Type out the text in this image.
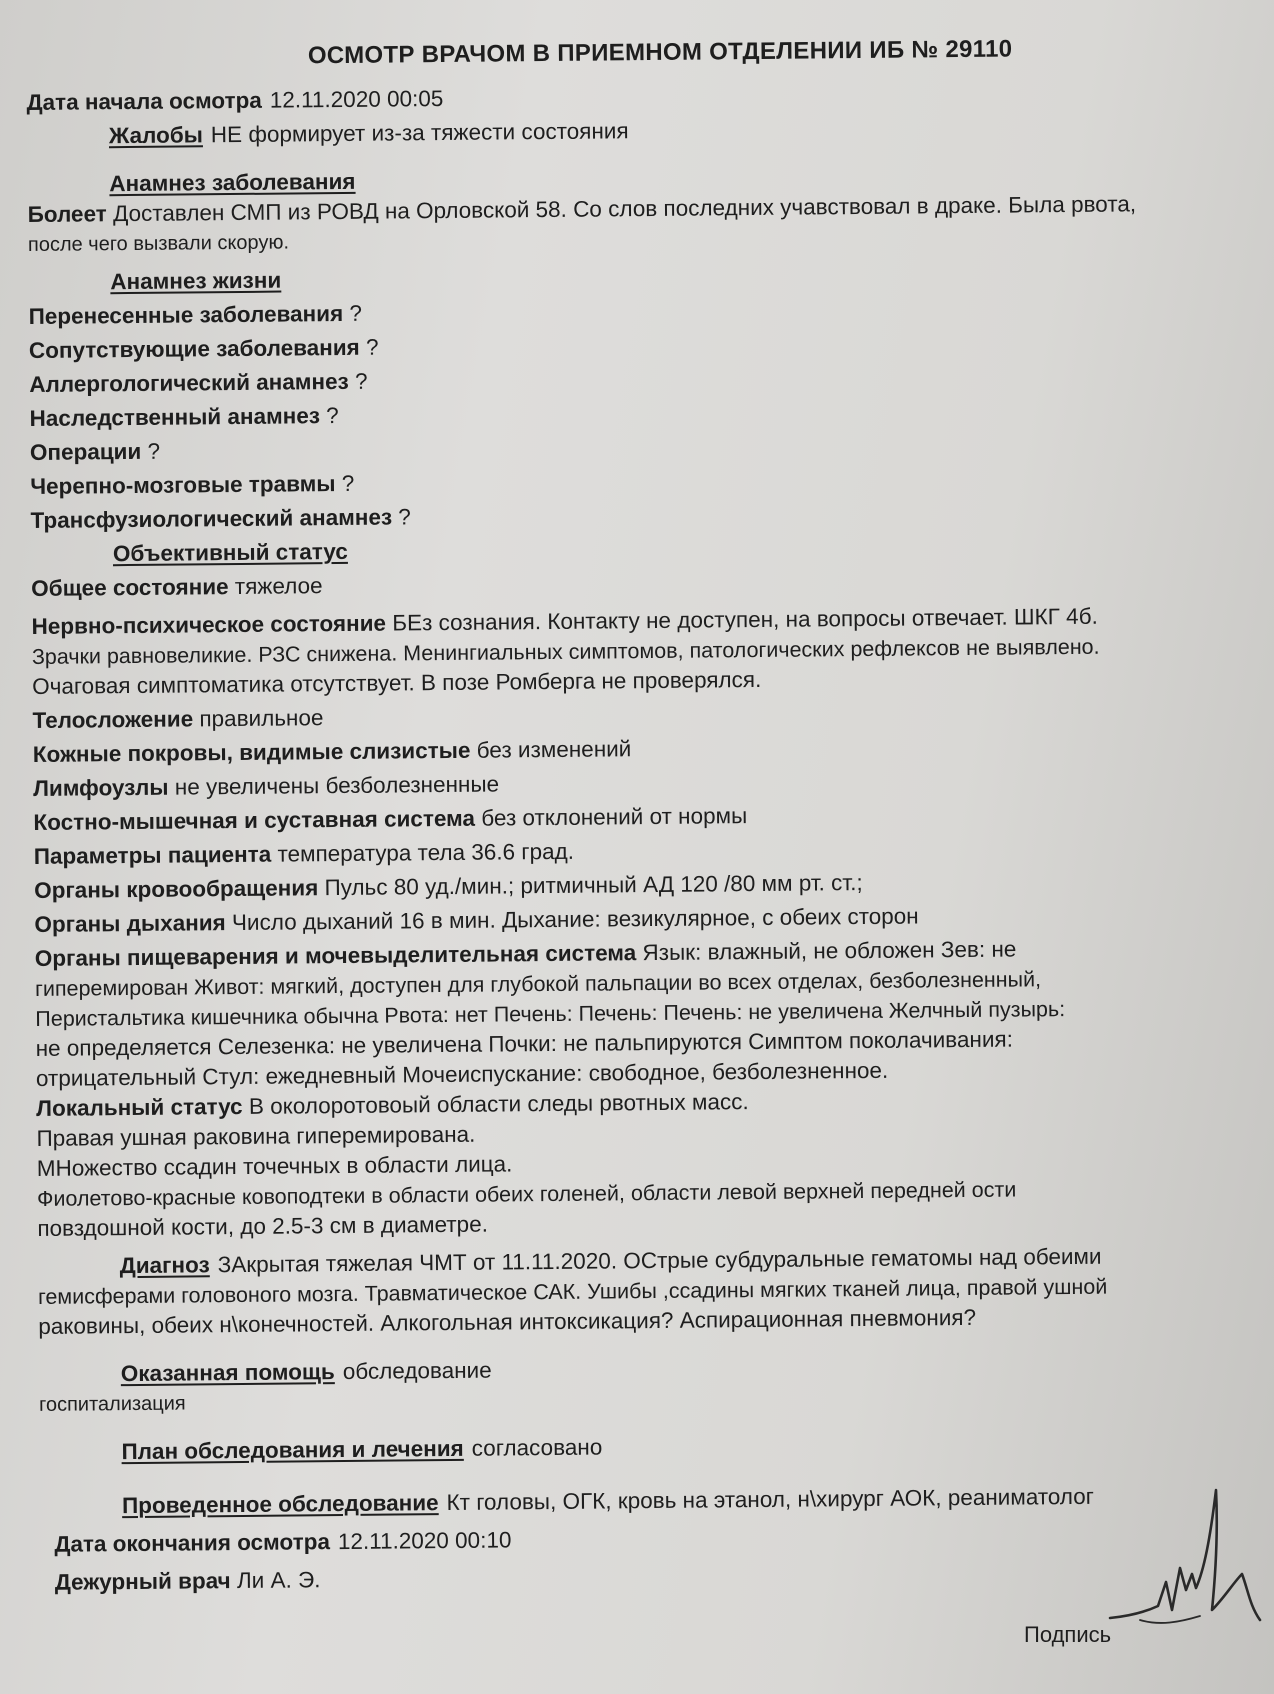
ОСМОТР ВРАЧОМ В ПРИЕМНОМ ОТДЕЛЕНИИ ИБ № 29110
Дата начала осмотра 12.11.2020 00:05
Жалобы НЕ формирует из-за тяжести состояния
Анамнез заболевания
Болеет Доставлен СМП из РОВД на Орловской 58. Со слов последних учавствовал в драке. Была рвота,
после чего вызвали скорую.
Анамнез жизни
Перенесенные заболевания ?
Сопутствующие заболевания ?
Аллергологический анамнез ?
Наследственный анамнез ?
Операции ?
Черепно-мозговые травмы ?
Трансфузиологический анамнез ?
Объективный статус
Общее состояние тяжелое
Нервно-психическое состояние БЕз сознания. Контакту не доступен, на вопросы отвечает. ШКГ 4б.
Зрачки равновеликие. РЗС снижена. Менингиальных симптомов, патологических рефлексов не выявлено.
Очаговая симптоматика отсутствует. В позе Ромберга не проверялся.
Телосложение правильное
Кожные покровы, видимые слизистые без изменений
Лимфоузлы не увеличены безболезненные
Костно-мышечная и суставная система без отклонений от нормы
Параметры пациента температура тела 36.6 град.
Органы кровообращения Пульс 80 уд./мин.; ритмичный АД 120 /80 мм рт. ст.;
Органы дыхания Число дыханий 16 в мин. Дыхание: везикулярное, с обеих сторон
Органы пищеварения и мочевыделительная система Язык: влажный, не обложен Зев: не
гиперемирован Живот: мягкий, доступен для глубокой пальпации во всех отделах, безболезненный,
Перистальтика кишечника обычна Рвота: нет Печень: Печень: Печень: не увеличена Желчный пузырь:
не определяется Селезенка: не увеличена Почки: не пальпируются Симптом поколачивания:
отрицательный Стул: ежедневный Мочеиспускание: свободное, безболезненное.
Локальный статус В околоротовоый области следы рвотных масс.
Правая ушная раковина гиперемирована.
МНожество ссадин точечных в области лица.
Фиолетово-красные ковоподтеки в области обеих голеней, области левой верхней передней ости
повздошной кости, до 2.5-3 см в диаметре.
Диагноз ЗАкрытая тяжелая ЧМТ от 11.11.2020. ОСтрые субдуральные гематомы над обеими
гемисферами головоного мозга. Травматическое САК. Ушибы ,ссадины мягких тканей лица, правой ушной
раковины, обеих н\конечностей. Алкогольная интоксикация? Аспирационная пневмония?
Оказанная помощь обследование
госпитализация
План обследования и лечения согласовано
Проведенное обследование Кт головы, ОГК, кровь на этанол, н\хирург АОК, реаниматолог
Дата окончания осмотра 12.11.2020 00:10
Дежурный врач Ли А. Э.
Подпись
